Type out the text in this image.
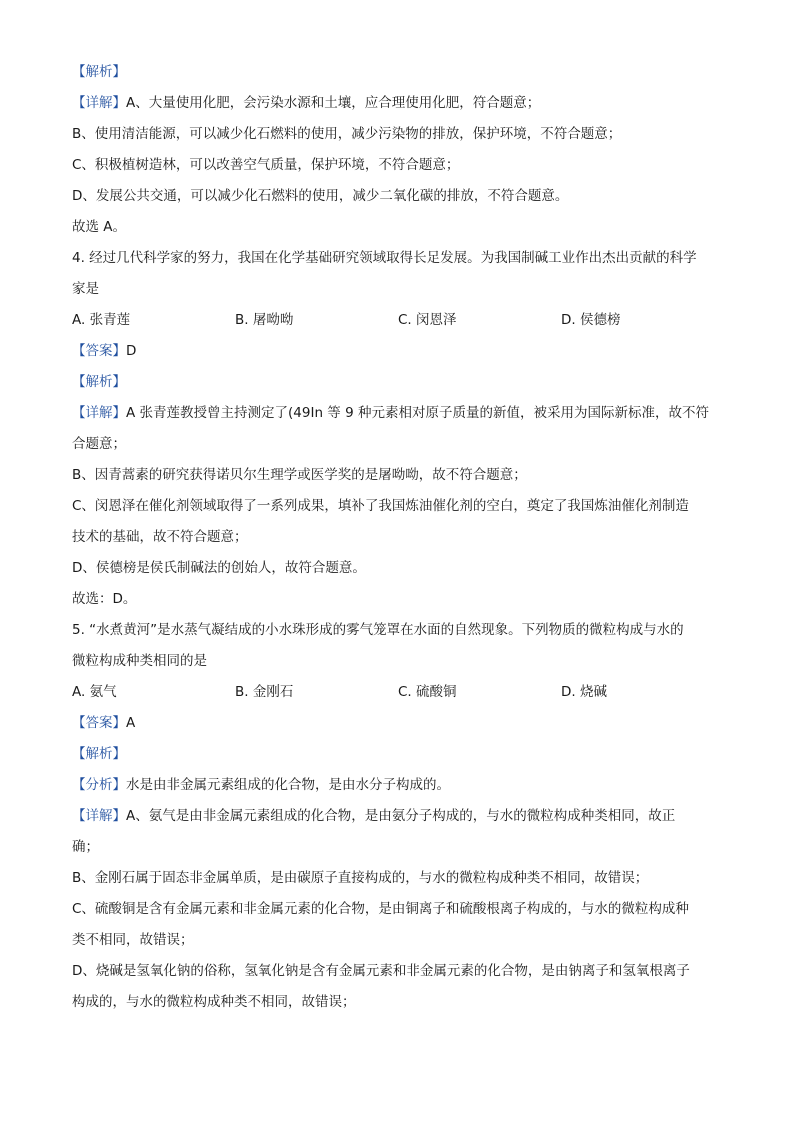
【解析】
【详解】A、大量使用化肥，会污染水源和土壤，应合理使用化肥，符合题意；
B、使用清洁能源，可以减少化石燃料的使用，减少污染物的排放，保护环境，不符合题意；
C、积极植树造林，可以改善空气质量，保护环境，不符合题意；
D、发展公共交通，可以减少化石燃料的使用，减少二氧化碳的排放，不符合题意。
故选 A。
4. 经过几代科学家的努力，我国在化学基础研究领域取得长足发展。为我国制碱工业作出杰出贡献的科学
家是
A. 张青莲	B. 屠呦呦	C. 闵恩泽	D. 侯德榜
【答案】D
【解析】
【详解】A 张青莲教授曾主持测定了(49In 等 9 种元素相对原子质量的新值，被采用为国际新标准，故不符
合题意；
B、因青蒿素的研究获得诺贝尔生理学或医学奖的是屠呦呦，故不符合题意；
C、闵恩泽在催化剂领域取得了一系列成果，填补了我国炼油催化剂的空白，奠定了我国炼油催化剂制造
技术的基础，故不符合题意；
D、侯德榜是侯氏制碱法的创始人，故符合题意。
故选：D。
5. “水煮黄河”是水蒸气凝结成的小水珠形成的雾气笼罩在水面的自然现象。下列物质的微粒构成与水的
微粒构成种类相同的是
A. 氨气	B. 金刚石	C. 硫酸铜	D. 烧碱
【答案】A
【解析】
【分析】水是由非金属元素组成的化合物，是由水分子构成的。
【详解】A、氨气是由非金属元素组成的化合物，是由氨分子构成的，与水的微粒构成种类相同，故正
确；
B、金刚石属于固态非金属单质，是由碳原子直接构成的，与水的微粒构成种类不相同，故错误；
C、硫酸铜是含有金属元素和非金属元素的化合物，是由铜离子和硫酸根离子构成的，与水的微粒构成种
类不相同，故错误；
D、烧碱是氢氧化钠的俗称，氢氧化钠是含有金属元素和非金属元素的化合物，是由钠离子和氢氧根离子
构成的，与水的微粒构成种类不相同，故错误；
